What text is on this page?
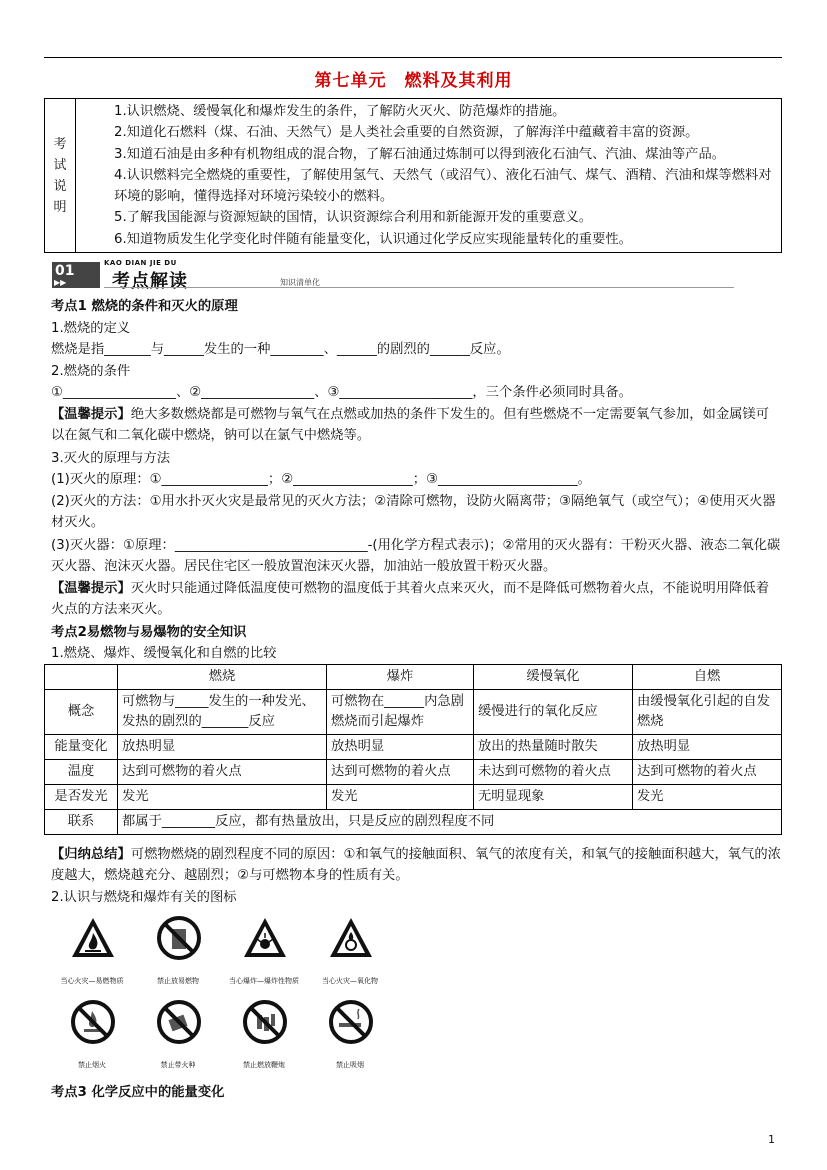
第七单元　燃料及其利用
考
试
说
明

1.认识燃烧、缓慢氧化和爆炸发生的条件，了解防火灭火、防范爆炸的措施。
2.知道化石燃料（煤、石油、天然气）是人类社会重要的自然资源，了解海洋中蕴藏着丰富的资源。
3.知道石油是由多种有机物组成的混合物，了解石油通过炼制可以得到液化石油气、汽油、煤油等产品。
4.认识燃料完全燃烧的重要性，了解使用氢气、天然气（或沼气）、液化石油气、煤气、酒精、汽油和煤等燃料对环境的影响，懂得选择对环境污染较小的燃料。
5.了解我国能源与资源短缺的国情，认识资源综合利用和新能源开发的重要意义。
6.知道物质发生化学变化时伴随有能量变化，认识通过化学反应实现能量转化的重要性。
01
▶▶
KAO DIAN JIE DU
考点解读	知识清单化
考点1 燃烧的条件和灭火的原理
1.燃烧的定义
燃烧是指_______与______发生的一种________、______的剧烈的______反应。
2.燃烧的条件
①_________________、②_________________、③____________________，三个条件必须同时具备。
【温馨提示】绝大多数燃烧都是可燃物与氧气在点燃或加热的条件下发生的。但有些燃烧不一定需要氧气参加，如金属镁可以在氮气和二氧化碳中燃烧，钠可以在氯气中燃烧等。
3.灭火的原理与方法
(1)灭火的原理：①________________；②__________________；③_____________________。
(2)灭火的方法：①用水扑灭火灾是最常见的灭火方法；②清除可燃物，设防火隔离带；③隔绝氧气（或空气）；④使用灭火器材灭火。
(3)灭火器：①原理：_____________________________-(用化学方程式表示)；②常用的灭火器有：干粉灭火器、液态二氧化碳灭火器、泡沫灭火器。居民住宅区一般放置泡沫灭火器，加油站一般放置干粉灭火器。
【温馨提示】灭火时只能通过降低温度使可燃物的温度低于其着火点来灭火，而不是降低可燃物着火点，不能说明用降低着火点的方法来灭火。
考点2易燃物与易爆物的安全知识
1.燃烧、爆炸、缓慢氧化和自燃的比较
	燃烧	爆炸	缓慢氧化	自燃
概念	可燃物与_____发生的一种发光、发热的剧烈的_______反应	可燃物在______内急剧燃烧而引起爆炸	缓慢进行的氧化反应	由缓慢氧化引起的自发燃烧
能量变化	放热明显	放热明显	放出的热量随时散失	放热明显
温度	达到可燃物的着火点	达到可燃物的着火点	未达到可燃物的着火点	达到可燃物的着火点
是否发光	发光	发光	无明显现象	发光
联系	都属于________反应，都有热量放出，只是反应的剧烈程度不同			
【归纳总结】可燃物燃烧的剧烈程度不同的原因：①和氧气的接触面积、氧气的浓度有关，和氧气的接触面积越大，氧气的浓度越大，燃烧越充分、越剧烈；②与可燃物本身的性质有关。
2.认识与燃烧和爆炸有关的图标
当心火灾—易燃物质	禁止放易燃物	当心爆炸—爆炸性物质	当心火灾—氧化物
禁止烟火	禁止带火种	禁止燃放鞭炮	禁止吸烟
考点3 化学反应中的能量变化
1
